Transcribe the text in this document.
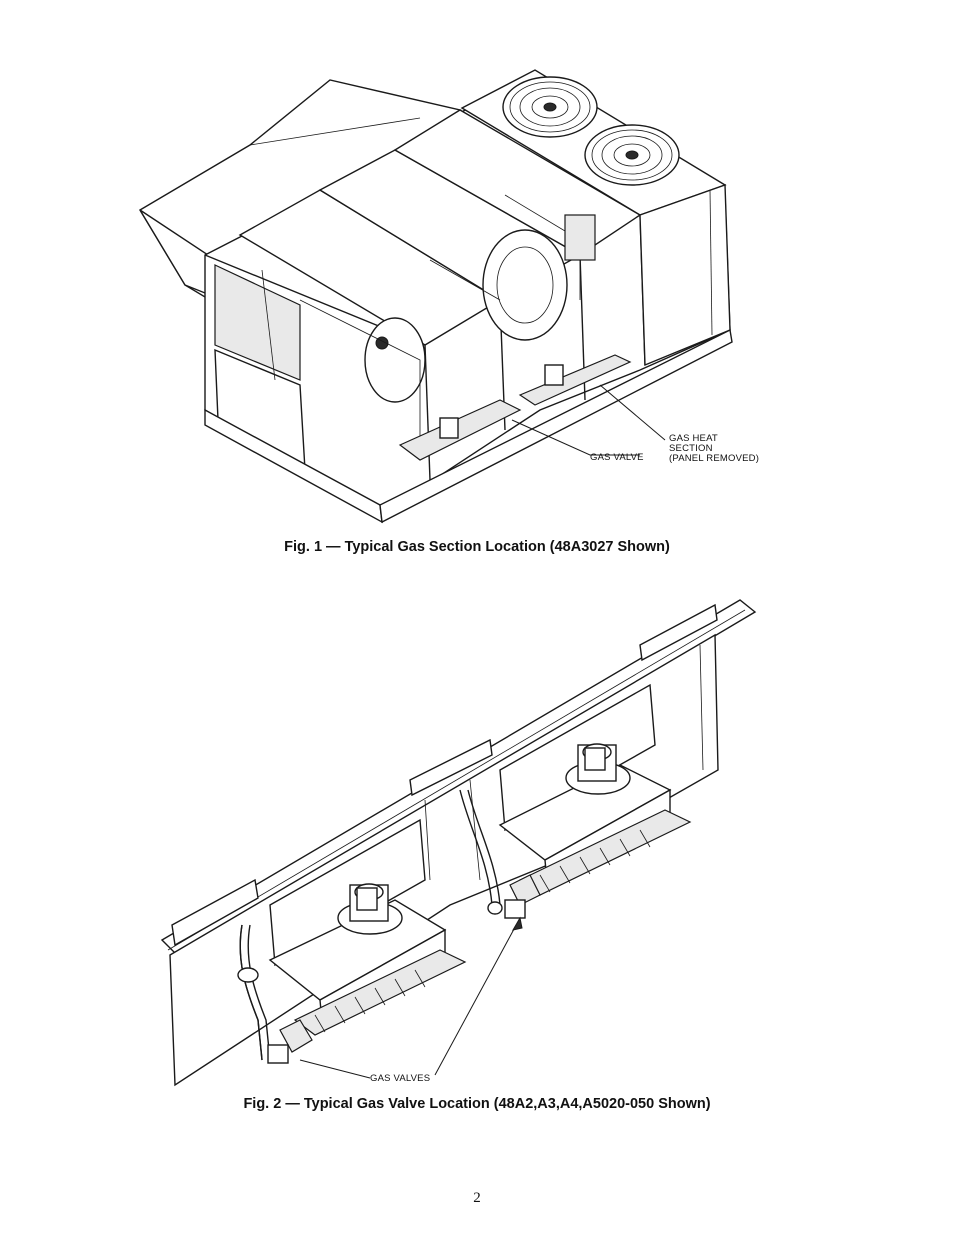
GAS VALVE
GAS HEAT
SECTION
(PANEL REMOVED)
Fig. 1 — Typical Gas Section Location (48A3027 Shown)
GAS VALVES
Fig. 2 — Typical Gas Valve Location (48A2,A3,A4,A5020-050 Shown)
2
